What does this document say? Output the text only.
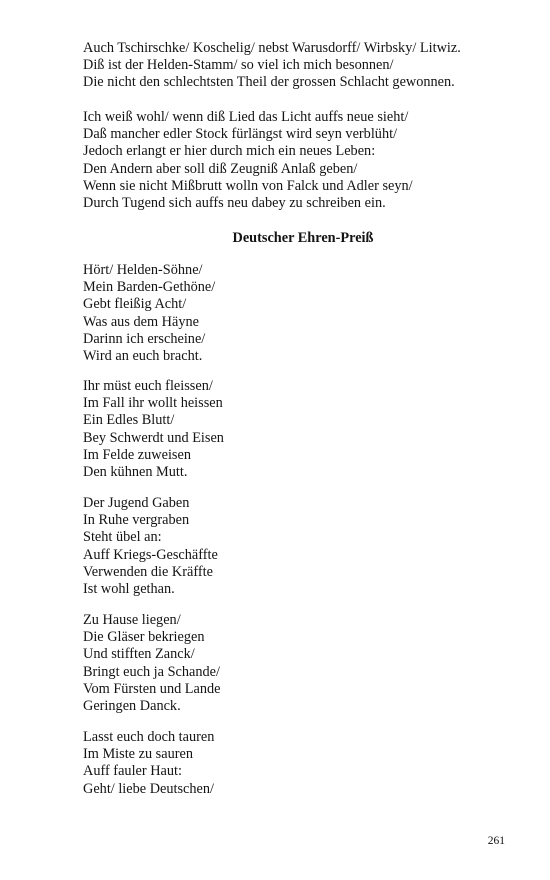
Auch Tschirschke/ Koschelig/ nebst Warusdorff/ Wirbsky/ Litwiz.
Diß ist der Helden-Stamm/ so viel ich mich besonnen/
Die nicht den schlechtsten Theil der grossen Schlacht gewonnen.
Ich weiß wohl/ wenn diß Lied das Licht auffs neue sieht/
Daß mancher edler Stock fürlängst wird seyn verblüht/
Jedoch erlangt er hier durch mich ein neues Leben:
Den Andern aber soll diß Zeugniß Anlaß geben/
Wenn sie nicht Mißbrutt wolln von Falck und Adler seyn/
Durch Tugend sich auffs neu dabey zu schreiben ein.
Deutscher Ehren-Preiß
Hört/ Helden-Söhne/
Mein Barden-Gethöne/
Gebt fleißig Acht/
Was aus dem Häyne
Darinn ich erscheine/
Wird an euch bracht.
Ihr müst euch fleissen/
Im Fall ihr wollt heissen
Ein Edles Blutt/
Bey Schwerdt und Eisen
Im Felde zuweisen
Den kühnen Mutt.
Der Jugend Gaben
In Ruhe vergraben
Steht übel an:
Auff Kriegs-Geschäffte
Verwenden die Kräffte
Ist wohl gethan.
Zu Hause liegen/
Die Gläser bekriegen
Und stifften Zanck/
Bringt euch ja Schande/
Vom Fürsten und Lande
Geringen Danck.
Lasst euch doch tauren
Im Miste zu sauren
Auff fauler Haut:
Geht/ liebe Deutschen/
261
